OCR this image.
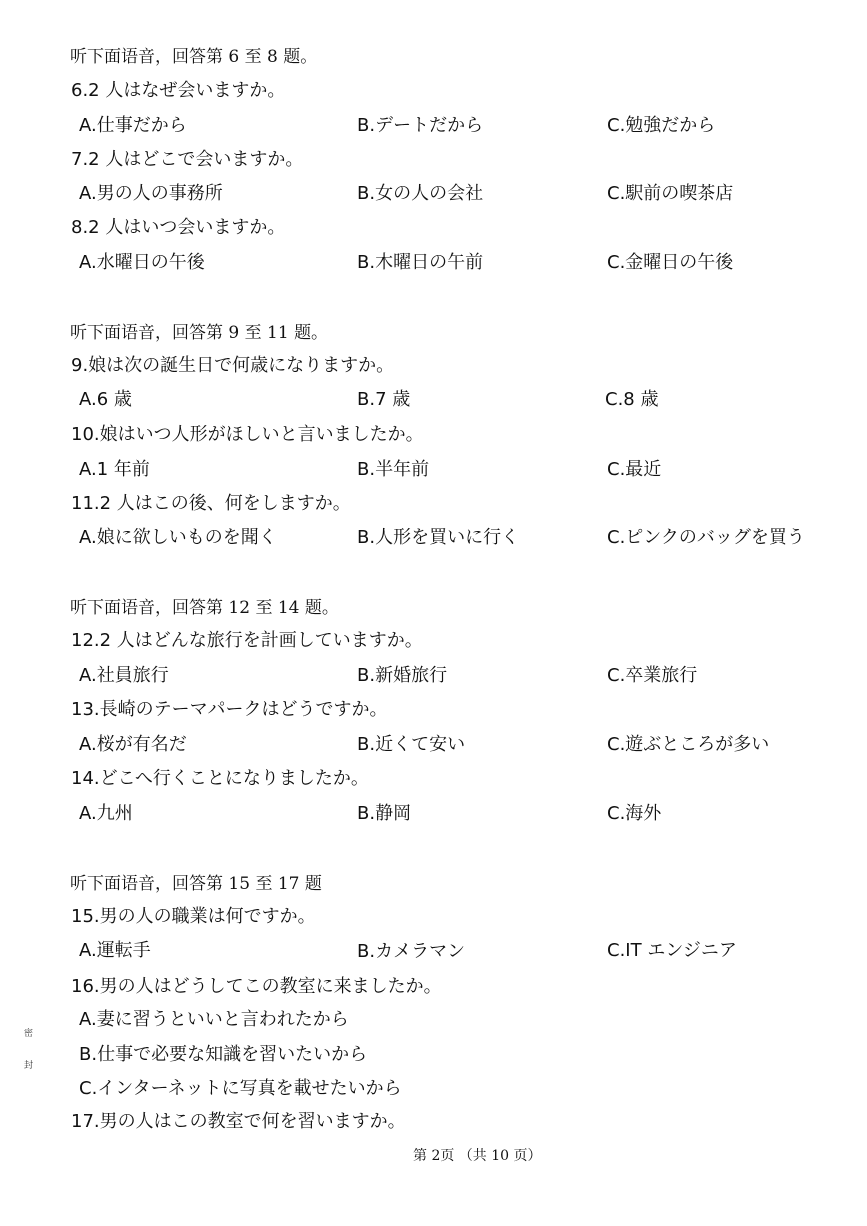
听下面语音，回答第 6 至 8 题。
6.2 人はなぜ会いますか。
A.仕事だから	B.デートだから	C.勉強だから
7.2 人はどこで会いますか。
A.男の人の事務所	B.女の人の会社	C.駅前の喫茶店
8.2 人はいつ会いますか。
A.水曜日の午後	B.木曜日の午前	C.金曜日の午後
听下面语音，回答第 9 至 11 题。
9.娘は次の誕生日で何歳になりますか。
A.6 歳	B.7 歳	C.8 歳
10.娘はいつ人形がほしいと言いましたか。
A.1 年前	B.半年前	C.最近
11.2 人はこの後、何をしますか。
A.娘に欲しいものを聞く	B.人形を買いに行く	C.ピンクのバッグを買う
听下面语音，回答第 12 至 14 题。
12.2 人はどんな旅行を計画していますか。
A.社員旅行	B.新婚旅行	C.卒業旅行
13.長崎のテーマパークはどうですか。
A.桜が有名だ	B.近くて安い	C.遊ぶところが多い
14.どこへ行くことになりましたか。
A.九州	B.静岡	C.海外
听下面语音，回答第 15 至 17 题
15.男の人の職業は何ですか。
A.運転手	B.カメラマン	C.IT エンジニア
16.男の人はどうしてこの教室に来ましたか。
A.妻に習うといいと言われたから
B.仕事で必要な知識を習いたいから
C.インターネットに写真を載せたいから
17.男の人はこの教室で何を習いますか。
密
封
第 2页 （共 10 页）
